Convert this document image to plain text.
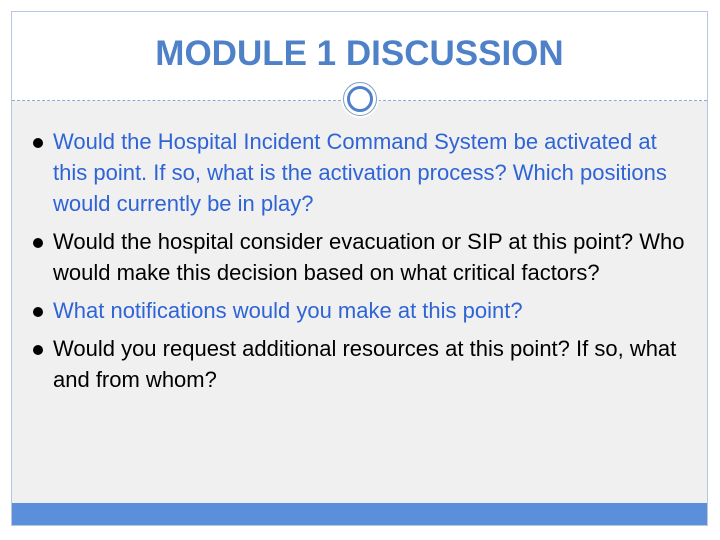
MODULE 1 DISCUSSION
Would the Hospital Incident Command System be activated at this point. If so, what is the activation process? Which positions would currently be in play?
Would the hospital consider evacuation or SIP at this point? Who would make this decision based on what critical factors?
What notifications would you make at this point?
Would you request additional resources at this point? If so, what and from whom?
